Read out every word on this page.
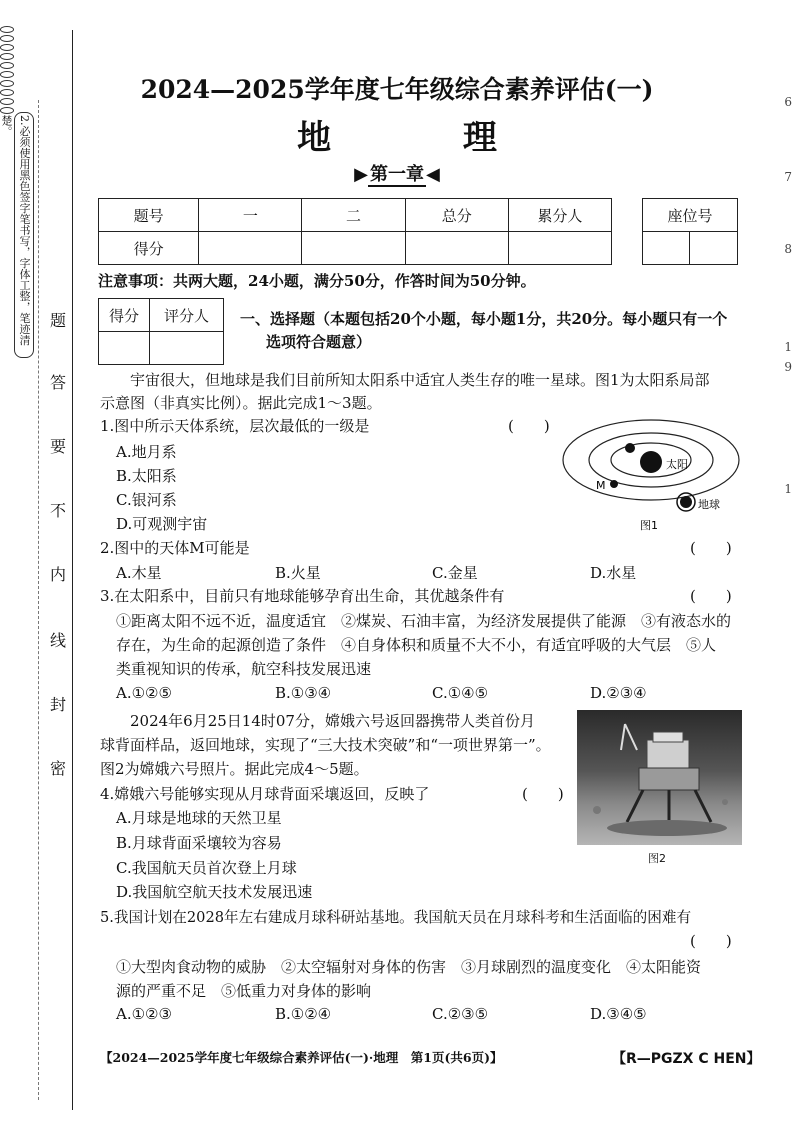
2.必须使用黑色签字笔书写，字体工整，笔迹清楚。
题
答
要
不
内
线
封
密
6
7
8
1
9
1
2024—2025学年度七年级综合素养评估(一)
地 理
▶ 第一章 ◀
题号	一	二	总分	累分人
得分				
座位号

注意事项：共两大题，24小题，满分50分，作答时间为50分钟。
得分	评分人
	一、选择题（本题包括20个小题，每小题1分，共20分。每小题只有一个
选项符合题意）
宇宙很大，但地球是我们目前所知太阳系中适宜人类生存的唯一星球。图1为太阳系局部
示意图（非真实比例）。据此完成1～3题。
太阳
M
地球
图1
1.图中所示天体系统，层次最低的一级是	(　　)
A.地月系
B.太阳系
C.银河系
D.可观测宇宙
2.图中的天体M可能是	(　　)
A.木星	B.火星	C.金星	D.水星
3.在太阳系中，目前只有地球能够孕育出生命，其优越条件有	(　　)
①距离太阳不远不近，温度适宜　②煤炭、石油丰富，为经济发展提供了能源　③有液态水的
存在，为生命的起源创造了条件　④自身体积和质量不大不小，有适宜呼吸的大气层　⑤人
类重视知识的传承，航空科技发展迅速
A.①②⑤	B.①③④	C.①④⑤	D.②③④
2024年6月25日14时07分，嫦娥六号返回器携带人类首份月
球背面样品，返回地球，实现了“三大技术突破”和“一项世界第一”。
图2为嫦娥六号照片。据此完成4～5题。
图2
4.嫦娥六号能够实现从月球背面采壤返回，反映了	(　　)
A.月球是地球的天然卫星
B.月球背面采壤较为容易
C.我国航天员首次登上月球
D.我国航空航天技术发展迅速
5.我国计划在2028年左右建成月球科研站基地。我国航天员在月球科考和生活面临的困难有
(　　)
①大型肉食动物的威胁　②太空辐射对身体的伤害　③月球剧烈的温度变化　④太阳能资
源的严重不足　⑤低重力对身体的影响
A.①②③	B.①②④	C.②③⑤	D.③④⑤
【2024—2025学年度七年级综合素养评估(一)·地理　第1页(共6页)】	【R—PGZX C HEN】
